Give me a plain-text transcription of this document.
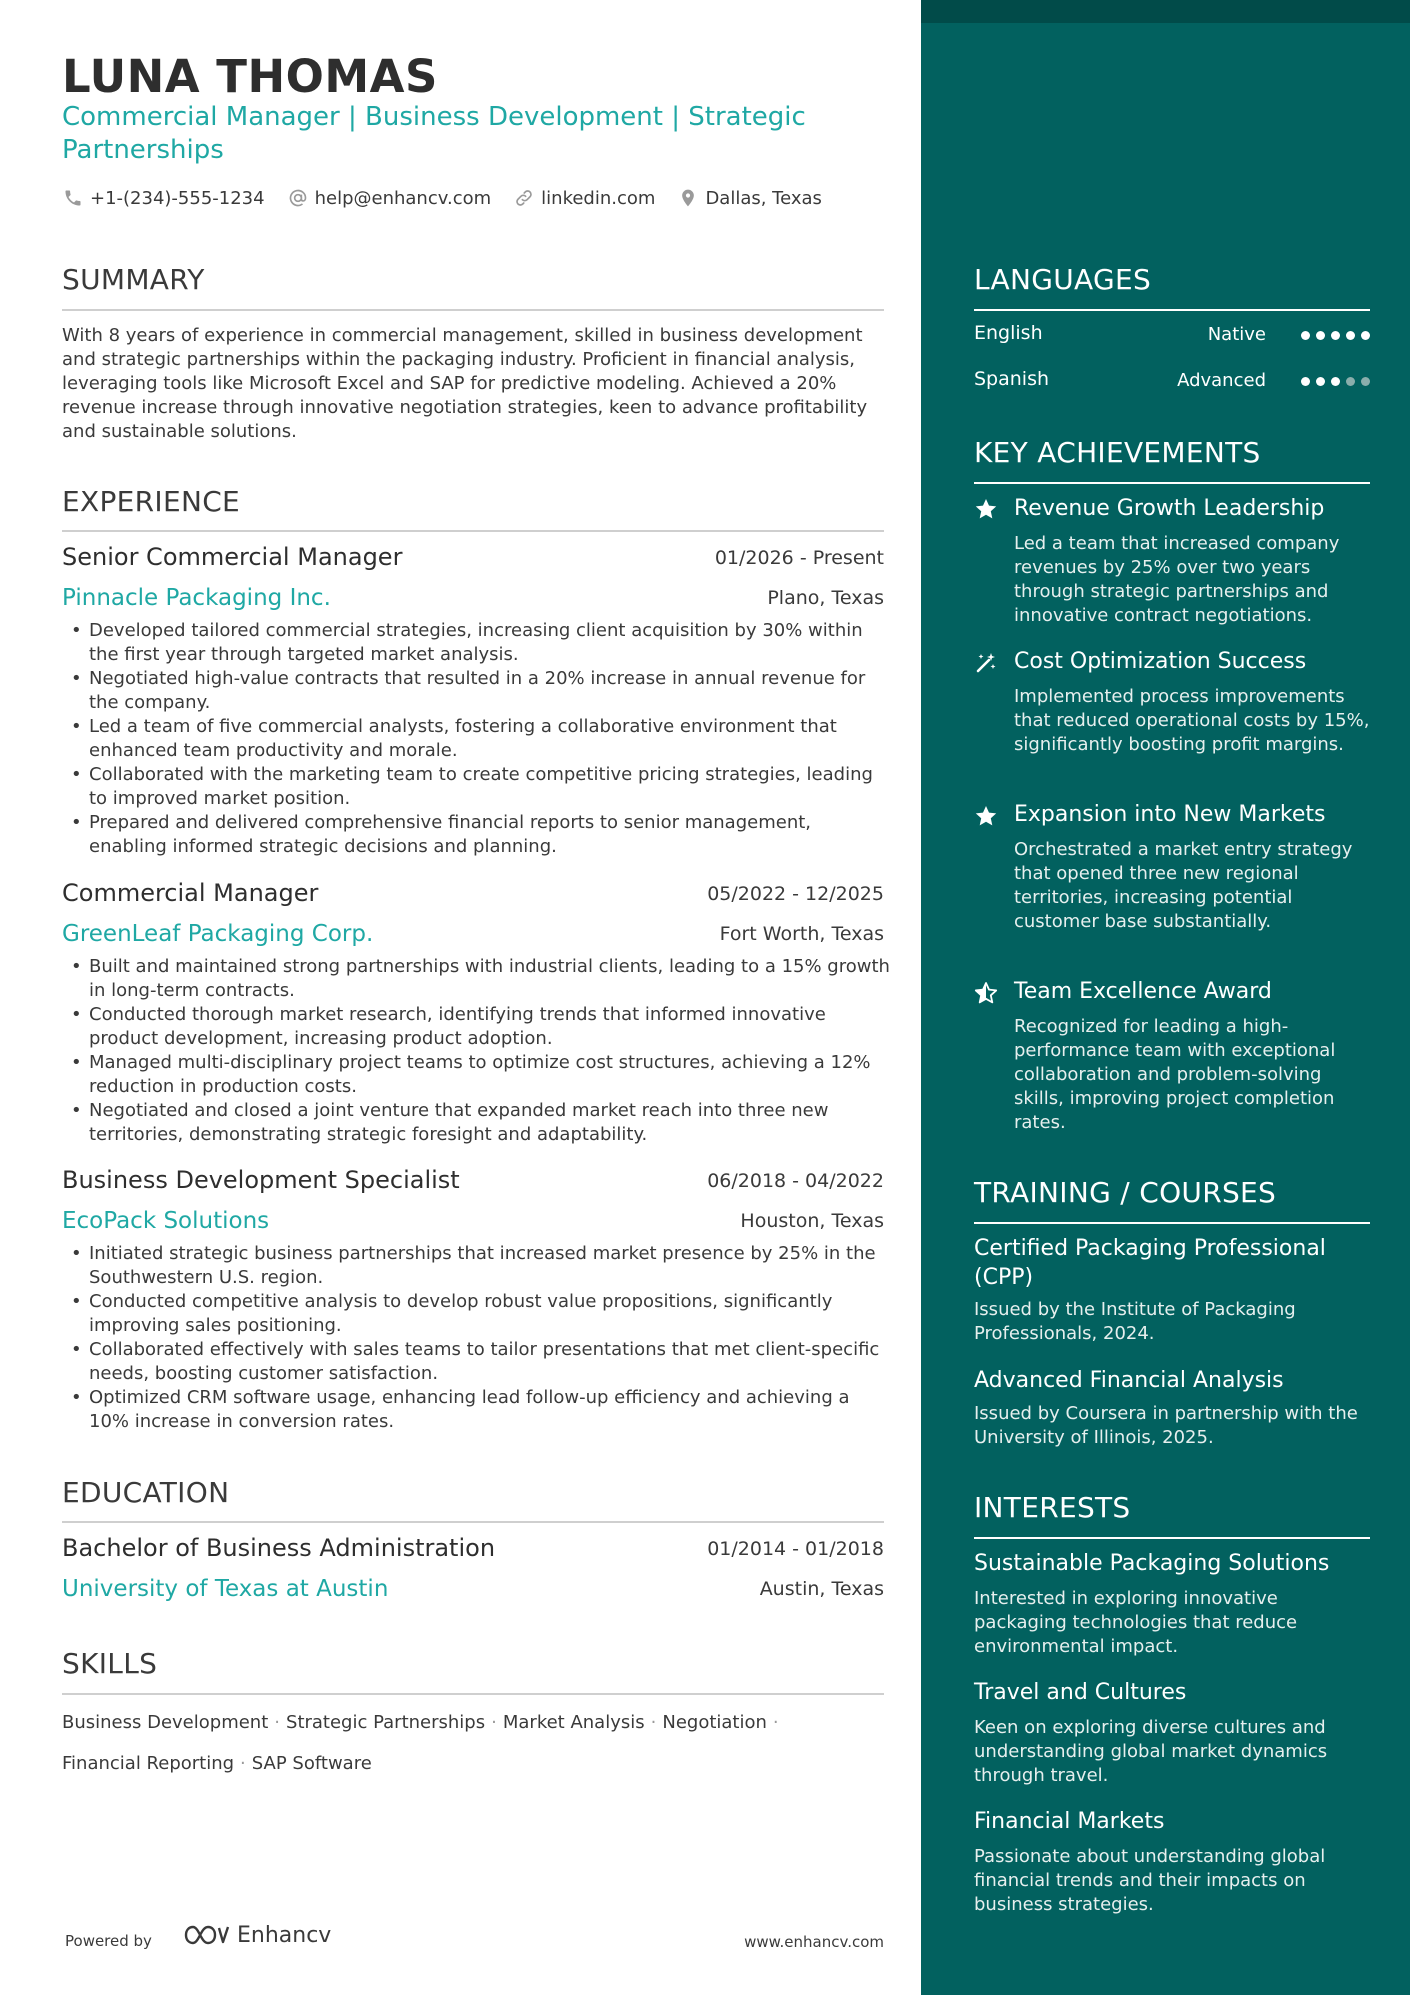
LUNA THOMAS
Commercial Manager | Business Development | Strategic Partnerships
+1-(234)-555-1234	help@enhancv.com	linkedin.com	Dallas, Texas
SUMMARY
With 8 years of experience in commercial management, skilled in business development and strategic partnerships within the packaging industry. Proficient in financial analysis, leveraging tools like Microsoft Excel and SAP for predictive modeling. Achieved a 20% revenue increase through innovative negotiation strategies, keen to advance profitability and sustainable solutions.
EXPERIENCE
Senior Commercial Manager	01/2026 - Present
Pinnacle Packaging Inc.	Plano, Texas
• Developed tailored commercial strategies, increasing client acquisition by 30% within the first year through targeted market analysis.
• Negotiated high-value contracts that resulted in a 20% increase in annual revenue for the company.
• Led a team of five commercial analysts, fostering a collaborative environment that enhanced team productivity and morale.
• Collaborated with the marketing team to create competitive pricing strategies, leading to improved market position.
• Prepared and delivered comprehensive financial reports to senior management, enabling informed strategic decisions and planning.
Commercial Manager	05/2022 - 12/2025
GreenLeaf Packaging Corp.	Fort Worth, Texas
• Built and maintained strong partnerships with industrial clients, leading to a 15% growth in long-term contracts.
• Conducted thorough market research, identifying trends that informed innovative product development, increasing product adoption.
• Managed multi-disciplinary project teams to optimize cost structures, achieving a 12% reduction in production costs.
• Negotiated and closed a joint venture that expanded market reach into three new territories, demonstrating strategic foresight and adaptability.
Business Development Specialist	06/2018 - 04/2022
EcoPack Solutions	Houston, Texas
• Initiated strategic business partnerships that increased market presence by 25% in the Southwestern U.S. region.
• Conducted competitive analysis to develop robust value propositions, significantly improving sales positioning.
• Collaborated effectively with sales teams to tailor presentations that met client-specific needs, boosting customer satisfaction.
• Optimized CRM software usage, enhancing lead follow-up efficiency and achieving a 10% increase in conversion rates.
EDUCATION
Bachelor of Business Administration	01/2014 - 01/2018
University of Texas at Austin	Austin, Texas
SKILLS
Business Development · Strategic Partnerships · Market Analysis · Negotiation ·
Financial Reporting · SAP Software
Powered by	Enhancv	www.enhancv.com
LANGUAGES
English	Native
Spanish	Advanced
KEY ACHIEVEMENTS
Revenue Growth Leadership
Led a team that increased company revenues by 25% over two years through strategic partnerships and innovative contract negotiations.
Cost Optimization Success
Implemented process improvements that reduced operational costs by 15%, significantly boosting profit margins.
Expansion into New Markets
Orchestrated a market entry strategy that opened three new regional territories, increasing potential customer base substantially.
Team Excellence Award
Recognized for leading a high-performance team with exceptional collaboration and problem-solving skills, improving project completion rates.
TRAINING / COURSES
Certified Packaging Professional (CPP)
Issued by the Institute of Packaging Professionals, 2024.
Advanced Financial Analysis
Issued by Coursera in partnership with the University of Illinois, 2025.
INTERESTS
Sustainable Packaging Solutions
Interested in exploring innovative packaging technologies that reduce environmental impact.
Travel and Cultures
Keen on exploring diverse cultures and understanding global market dynamics through travel.
Financial Markets
Passionate about understanding global financial trends and their impacts on business strategies.
